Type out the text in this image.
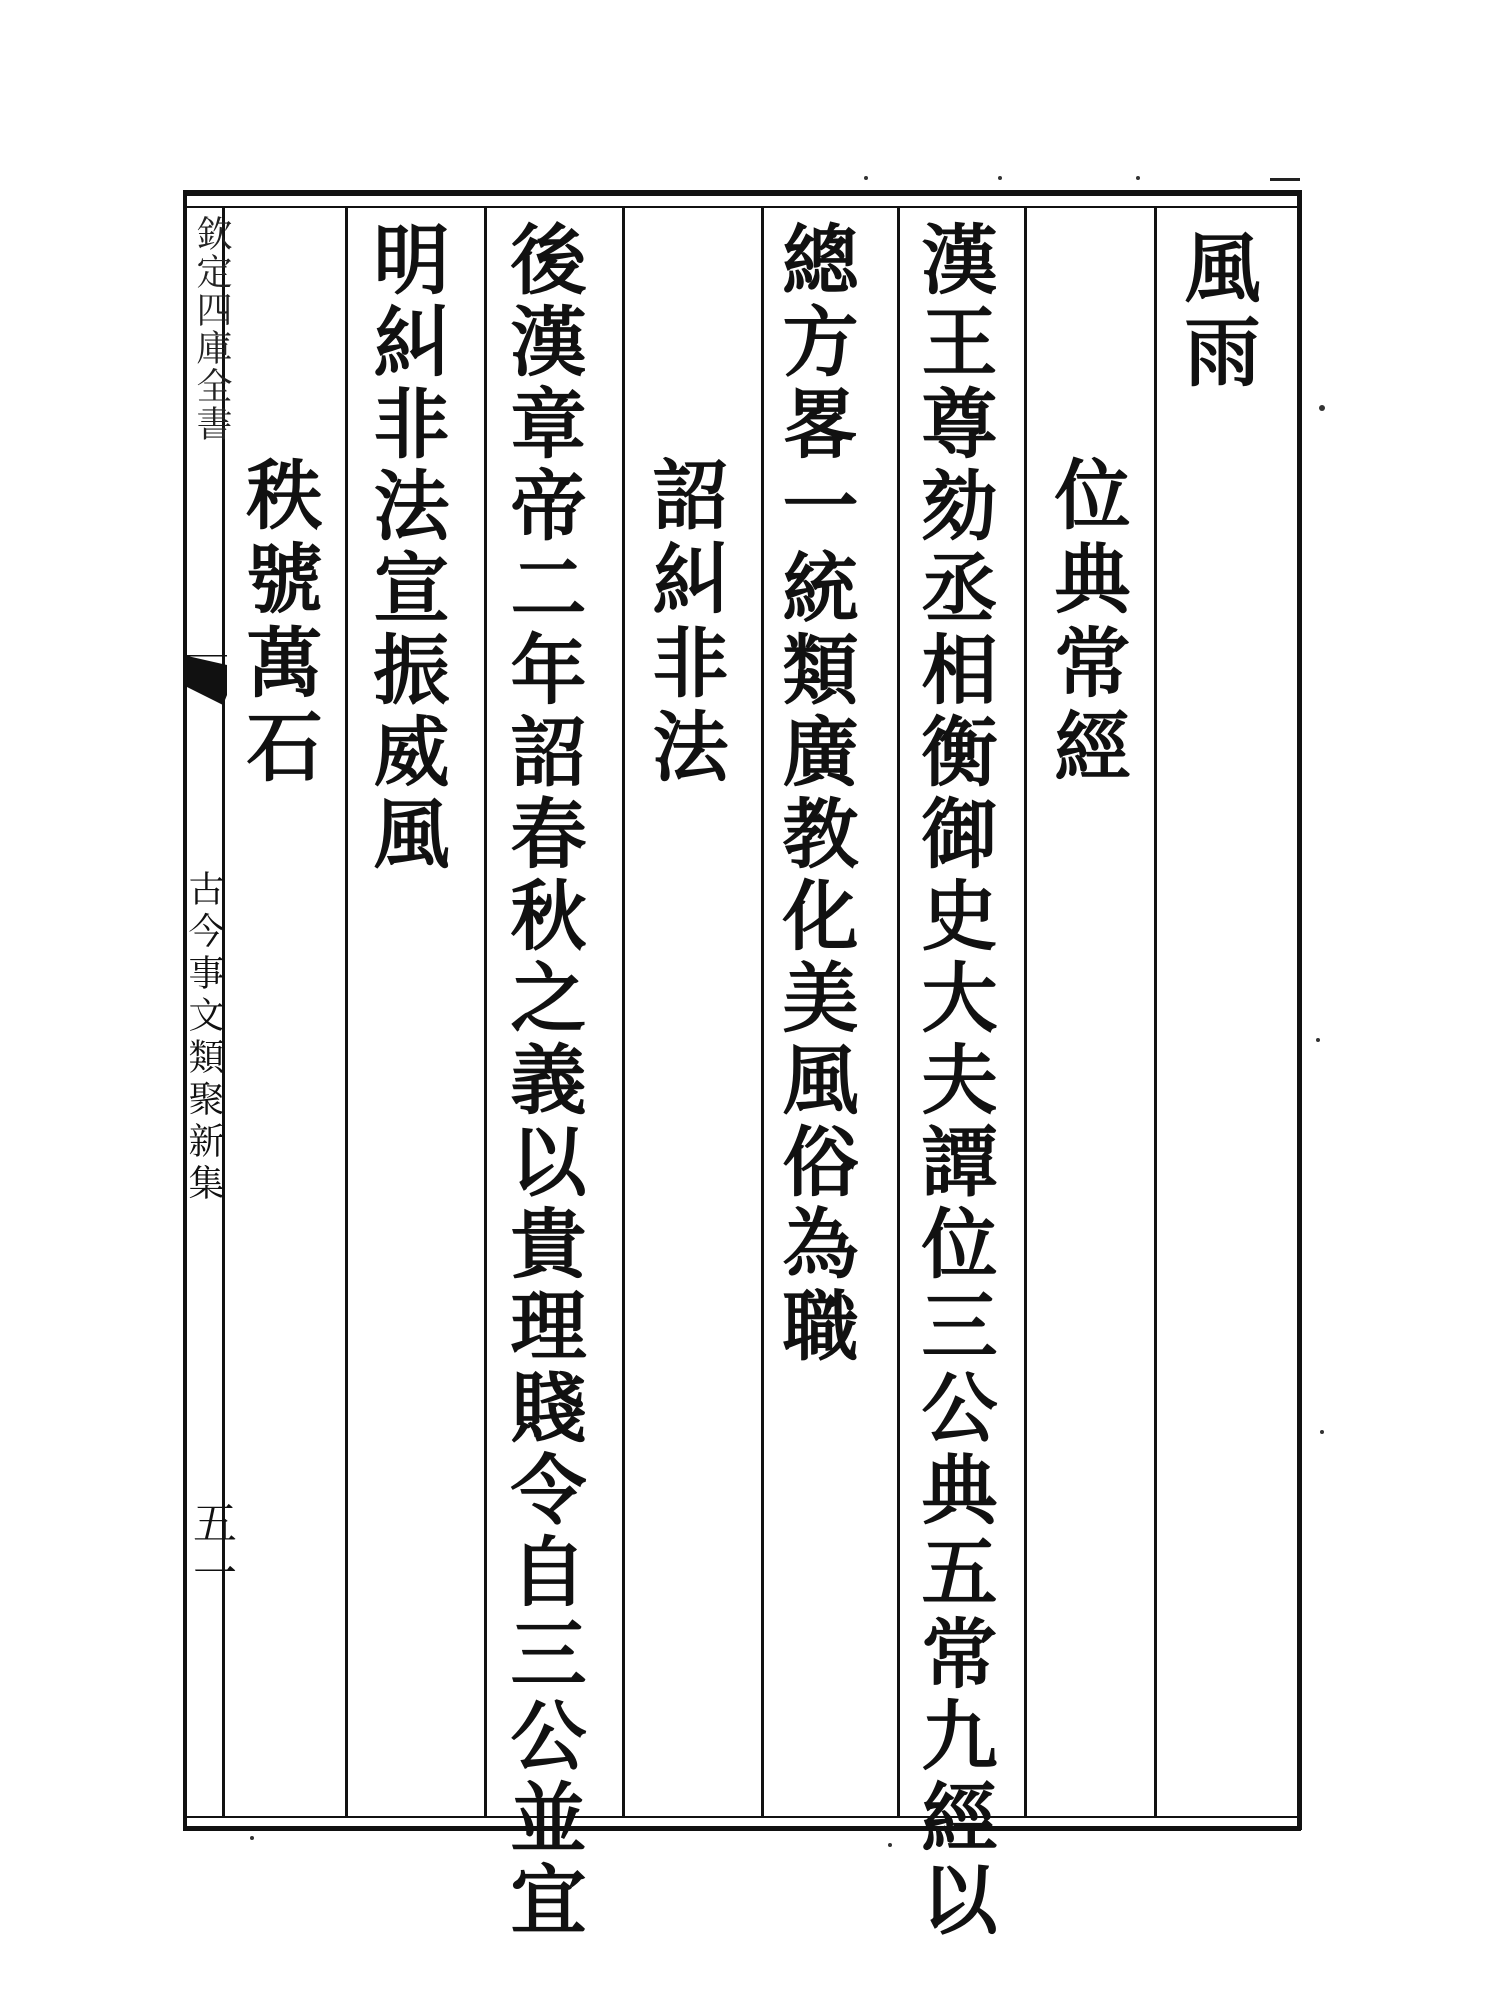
欽定四庫全書
古今事文類聚新集
五一
風雨
位典常經
漢王尊劾丞相衡御史大夫譚位三公典五常九經以
總方畧一統類廣教化美風俗為職
詔糾非法
後漢章帝二年詔春秋之義以貴理賤令自三公並宜
明糾非法宣振威風
秩號萬石
